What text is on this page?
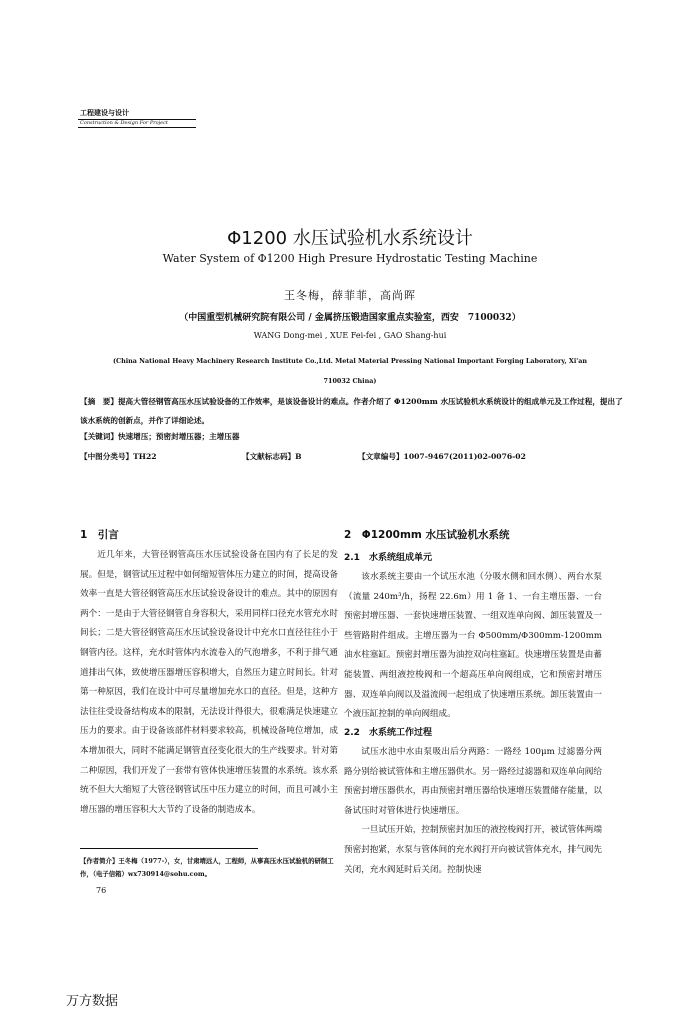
工程建设与设计
Construction & Design For Project
Φ1200 水压试验机水系统设计
Water System of Φ1200 High Presure Hydrostatic Testing Machine
王冬梅，薛菲菲，高尚晖
（中国重型机械研究院有限公司 / 金属挤压锻造国家重点实验室，西安　7100032）
WANG Dong-mei , XUE Fei-fei , GAO Shang-hui
(China National Heavy Machinery Research Institute Co.,Ltd. Metal Material Pressing National Important Forging Laboratory, Xi'an 710032 China)
【摘　要】提高大管径钢管高压水压试验设备的工作效率，是该设备设计的难点。作者介绍了 Φ1200mm 水压试验机水系统设计的组成单元及工作过程，提出了该水系统的创新点，并作了详细论述。
【关键词】快速增压；预密封增压器；主增压器
【中图分类号】TH22	【文献标志码】B	【文章编号】1007-9467(2011)02-0076-02
1　引言

近几年来，大管径钢管高压水压试验设备在国内有了长足的发展。但是，钢管试压过程中如何缩短管体压力建立的时间，提高设备效率一直是大管径钢管高压水压试验设备设计的难点。其中的原因有两个：一是由于大管径钢管自身容积大，采用同样口径充水管充水时间长；二是大管径钢管高压水压试验设备设计中充水口直径往往小于钢管内径。这样，充水时管体内水流卷入的气泡增多，不利于排气通道排出气体，致使增压器增压容积增大，自然压力建立时间长。针对第一种原因，我们在设计中可尽量增加充水口的直径。但是，这种方法往往受设备结构成本的限制，无法设计得很大，很难满足快速建立压力的要求。由于设备该部件材料要求较高，机械设备吨位增加，成本增加很大，同时不能满足钢管直径变化很大的生产线要求。针对第二种原因，我们开发了一套带有管体快速增压装置的水系统。该水系统不但大大缩短了大管径钢管试压中压力建立的时间，而且可减小主增压器的增压容积大大节约了设备的制造成本。

2　Φ1200mm 水压试验机水系统
2.1　水系统组成单元

该水系统主要由一个试压水池（分吸水侧和回水侧）、两台水泵（流量 240m³/h，扬程 22.6m）用 1 备 1、一台主增压器、一台预密封增压器、一套快速增压装置、一组双连单向阀、卸压装置及一些管路附件组成。主增压器为一台 Φ500mm/Φ300mm-1200mm 油水柱塞缸。预密封增压器为油控双向柱塞缸。快速增压装置是由蓄能装置、两组液控梭阀和一个超高压单向阀组成，它和预密封增压器、双连单向阀以及溢流阀一起组成了快速增压系统。卸压装置由一个液压缸控制的单向阀组成。

2.2　水系统工作过程

试压水池中水由泵吸出后分两路：一路经 100μm 过滤器分两路分别给被试管体和主增压器供水。另一路经过滤器和双连单向阀给预密封增压器供水，再由预密封增压器给快速增压装置储存能量，以备试压时对管体进行快速增压。

一旦试压开始，控制预密封加压的液控梭阀打开，被试管体两端预密封抱紧，水泵与管体间的充水阀打开向被试管体充水，排气阀先关闭，充水阀延时后关闭。控制快速

【作者简介】王冬梅（1977-），女，甘肃靖远人，工程师，从事高压水压试验机的研制工作，（电子信箱）wx730914@sohu.com。
76
万方数据
